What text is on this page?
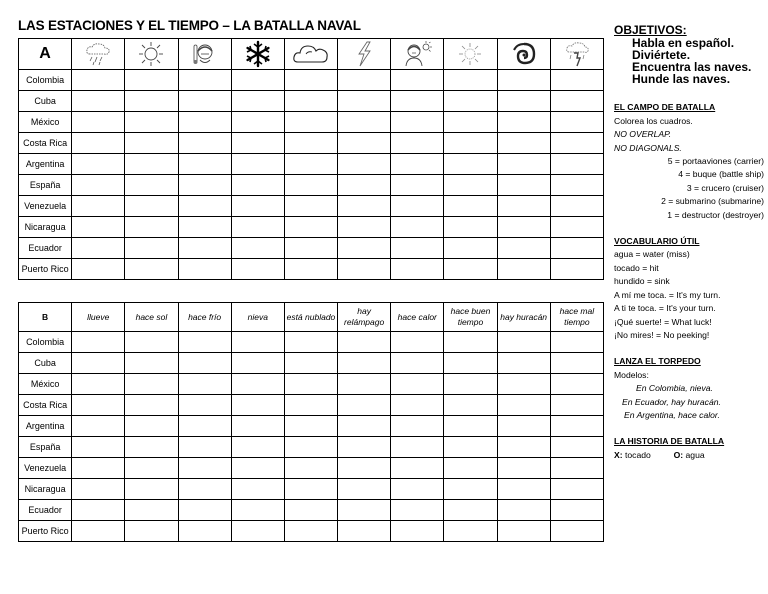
LAS ESTACIONES Y EL TIEMPO – LA BATALLA NAVAL
A	

Colombia										
Cuba										
México										
Costa Rica										
Argentina										
España										
Venezuela										
Nicaragua										
Ecuador										
Puerto Rico										
B	llueve	hace sol	hace frío	nieva	está nublado	hay relámpago	hace calor	hace buen tiempo	hay huracán	hace mal tiempo
Colombia										
Cuba										
México										
Costa Rica										
Argentina										
España										
Venezuela										
Nicaragua										
Ecuador										
Puerto Rico										
OBJETIVOS:
Habla en español.
Diviértete.
Encuentra las naves.
Hunde las naves.
EL CAMPO DE BATALLA
Colorea los cuadros.
NO OVERLAP.
NO DIAGONALS.
5 = portaaviones (carrier)
4 = buque (battle ship)
3 = crucero (cruiser)
2 = submarino (submarine)
1 = destructor (destroyer)
VOCABULARIO ÚTIL
agua = water (miss)
tocado = hit
hundido = sink
A mí me toca. = It's my turn.
A ti te toca. = It's your turn.
¡Qué suerte! = What luck!
¡No mires! = No peeking!
LANZA EL TORPEDO
Modelos:
En Colombia, nieva.
En Ecuador, hay huracán.
En Argentina, hace calor.
LA HISTORIA DE BATALLA
X: tocado	O: agua
